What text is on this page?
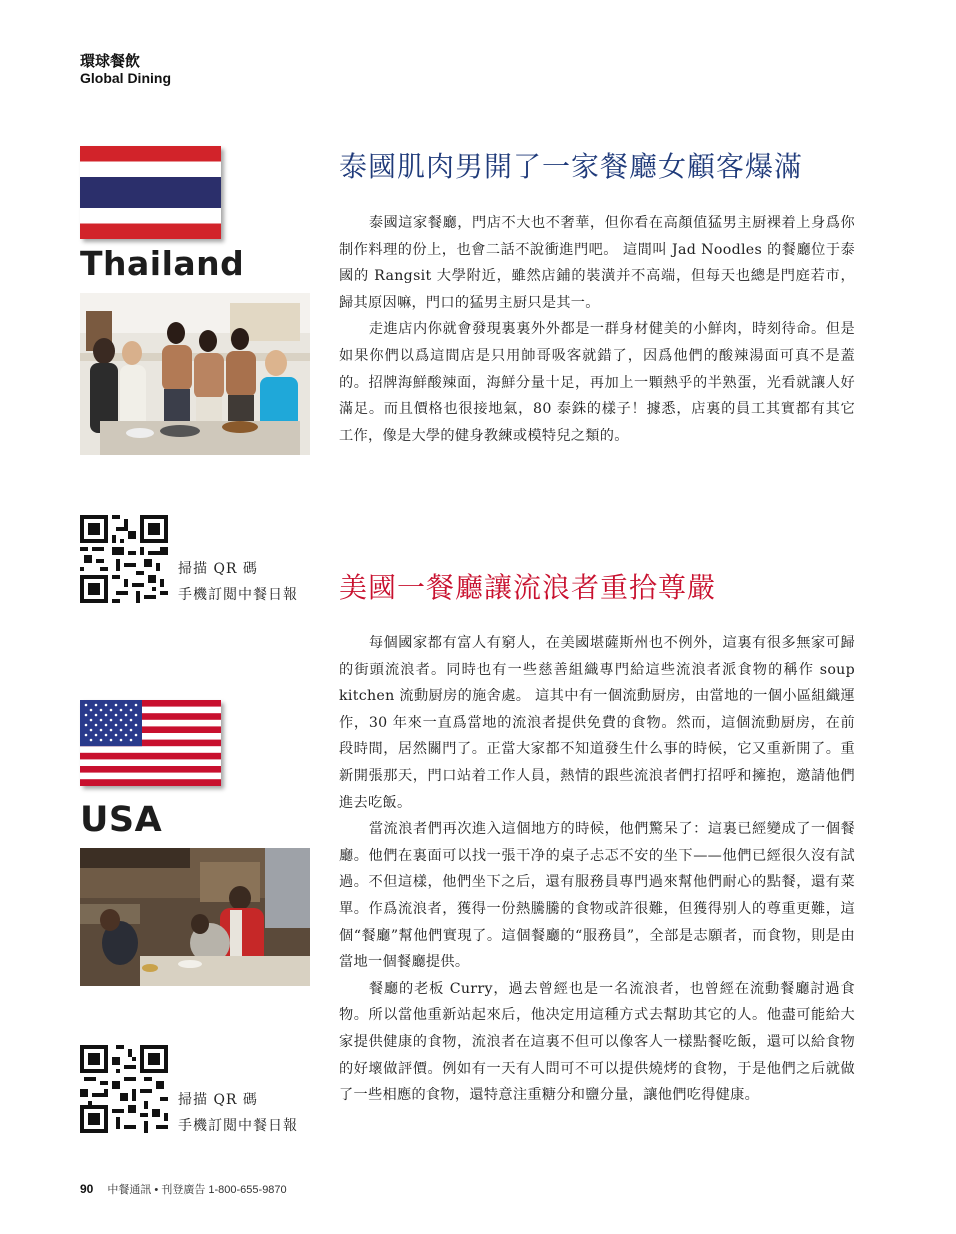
環球餐飲
Global Dining
Thailand
泰國肌肉男開了一家餐廳女顧客爆滿

泰國這家餐廳，門店不大也不奢華，但你看在高顏值猛男主厨裸着上身爲你制作料理的份上，也會二話不說衝進門吧。 這間叫 Jad Noodles 的餐廳位于泰國的 Rangsit 大學附近，雖然店鋪的裝潢并不高端，但每天也總是門庭若市，歸其原因嘛，門口的猛男主厨只是其一。

走進店内你就會發現裏裏外外都是一群身材健美的小鮮肉，時刻待命。但是如果你們以爲這間店是只用帥哥吸客就錯了，因爲他們的酸辣湯面可真不是蓋的。招牌海鮮酸辣面，海鮮分量十足，再加上一顆熱乎的半熟蛋，光看就讓人好滿足。而且價格也很接地氣，80 泰銖的樣子！據悉，店裏的員工其實都有其它工作，像是大學的健身教練或模特兒之類的。

掃描 QR 碼
手機訂閲中餐日報 美國一餐廳讓流浪者重拾尊嚴
USA

每個國家都有富人有窮人，在美國堪薩斯州也不例外，這裏有很多無家可歸的街頭流浪者。同時也有一些慈善組織專門給這些流浪者派食物的稱作 soup kitchen 流動厨房的施舍處。 這其中有一個流動厨房，由當地的一個小區組織運作，30 年來一直爲當地的流浪者提供免費的食物。然而，這個流動厨房，在前段時間，居然關門了。正當大家都不知道發生什么事的時候，它又重新開了。重新開張那天，門口站着工作人員，熱情的跟些流浪者們打招呼和擁抱，邀請他們進去吃飯。

當流浪者們再次進入這個地方的時候，他們驚呆了：這裏已經變成了一個餐廳。他們在裏面可以找一張干净的桌子忐忑不安的坐下——他們已經很久沒有試過。不但這樣，他們坐下之后，還有服務員專門過來幫他們耐心的點餐，還有菜單。作爲流浪者，獲得一份熱騰騰的食物或許很難，但獲得别人的尊重更難，這個“餐廳”幫他們實現了。這個餐廳的“服務員”，全部是志願者，而食物，則是由當地一個餐廳提供。

餐廳的老板 Curry，過去曾經也是一名流浪者，也曾經在流動餐廳討過食物。所以當他重新站起來后，他决定用這種方式去幫助其它的人。他盡可能給大家提供健康的食物，流浪者在這裏不但可以像客人一樣點餐吃飯，還可以給食物的好壞做評價。例如有一天有人問可不可以提供燒烤的食物，于是他們之后就做了一些相應的食物，還特意注重糖分和鹽分量，讓他們吃得健康。

掃描 QR 碼
手機訂閲中餐日報
90 中餐通訊 • 刊登廣告 1-800-655-9870
